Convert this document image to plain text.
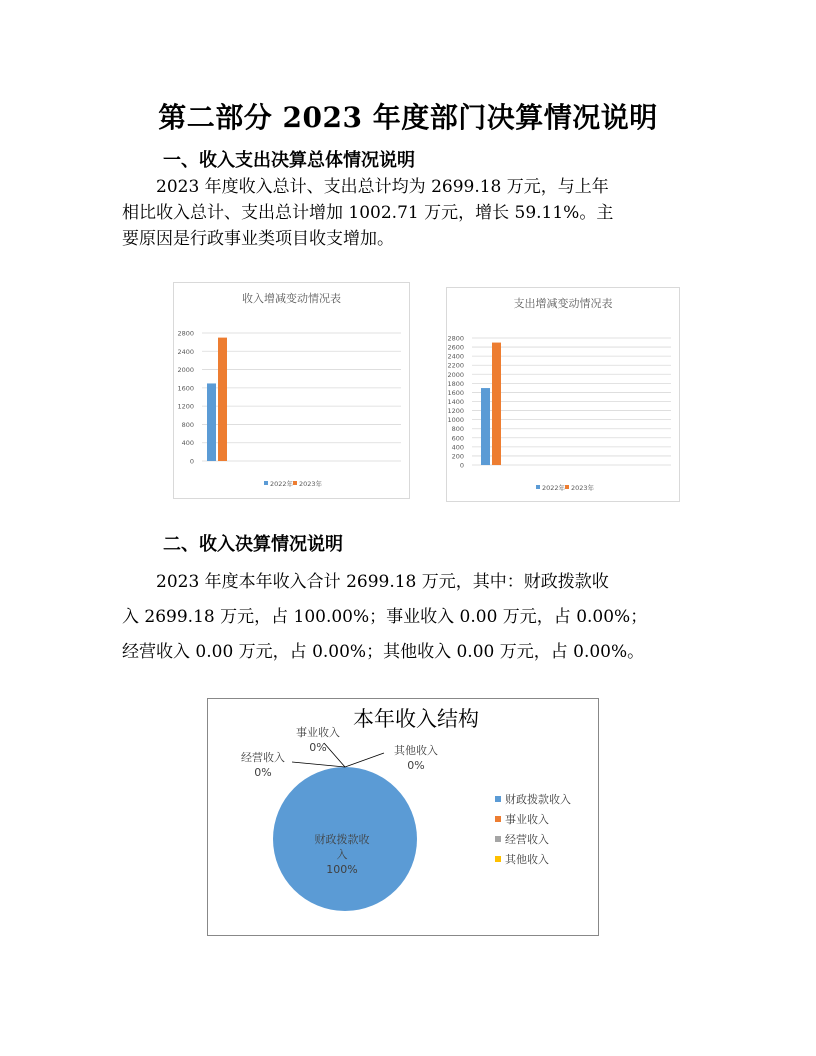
第二部分 2023 年度部门决算情况说明
一、收入支出决算总体情况说明
　　2023 年度收入总计、支出总计均为 2699.18 万元，与上年
相比收入总计、支出总计增加 1002.71 万元，增长 59.11%。主
要原因是行政事业类项目收支增加。
收入增减变动情况表
0
400
800
1200
1600
2000
2400
2800
2022年 2023年
支出增减变动情况表
0
200
400
600
800
1000
1200
1400
1600
1800
2000
2200
2400
2600
2800
2022年 2023年
二、收入决算情况说明
　　2023 年度本年收入合计 2699.18 万元，其中：财政拨款收
入 2699.18 万元，占 100.00%；事业收入 0.00 万元，占 0.00%；
经营收入 0.00 万元，占 0.00%；其他收入 0.00 万元，占 0.00%。
本年收入结构
财政拨款收
入
100%
事业收入
0%
经营收入
0%
其他收入
0%
财政拨款收入
事业收入
经营收入
其他收入
